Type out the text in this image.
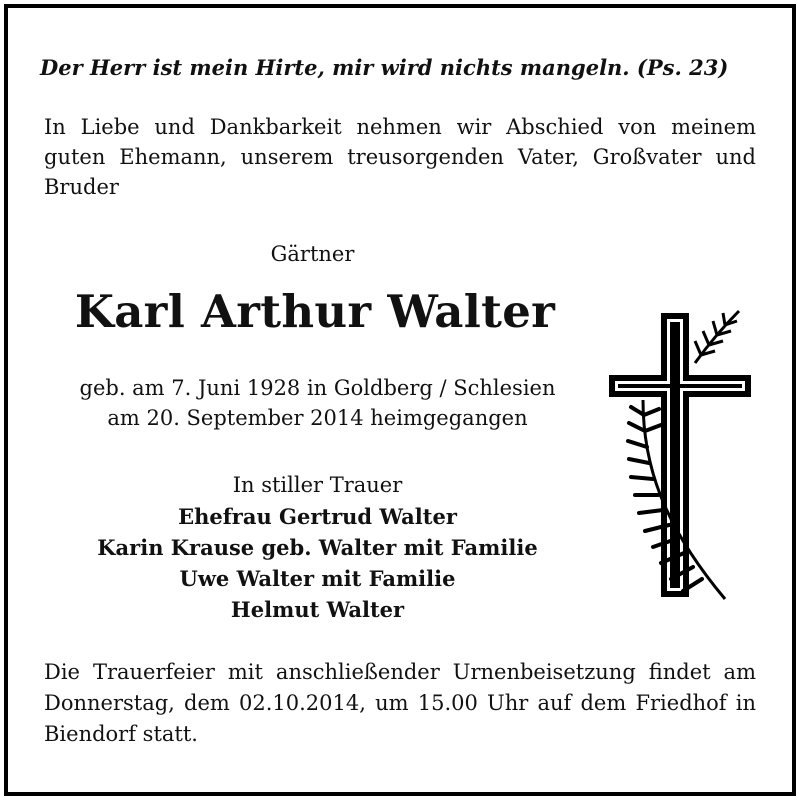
Der Herr ist mein Hirte, mir wird nichts mangeln. (Ps. 23)
In Liebe und Dankbarkeit nehmen wir Abschied von meinem guten Ehemann, unserem treusorgenden Vater, Großvater und Bruder
Gärtner
Karl Arthur Walter
geb. am 7. Juni 1928 in Goldberg / Schlesien
am 20. September 2014 heimgegangen
In stiller Trauer
Ehefrau Gertrud Walter
Karin Krause geb. Walter mit Familie
Uwe Walter mit Familie
Helmut Walter
Die Trauerfeier mit anschließender Urnenbeisetzung findet am Donnerstag, dem 02.10.2014, um 15.00 Uhr auf dem Friedhof in Biendorf statt.
